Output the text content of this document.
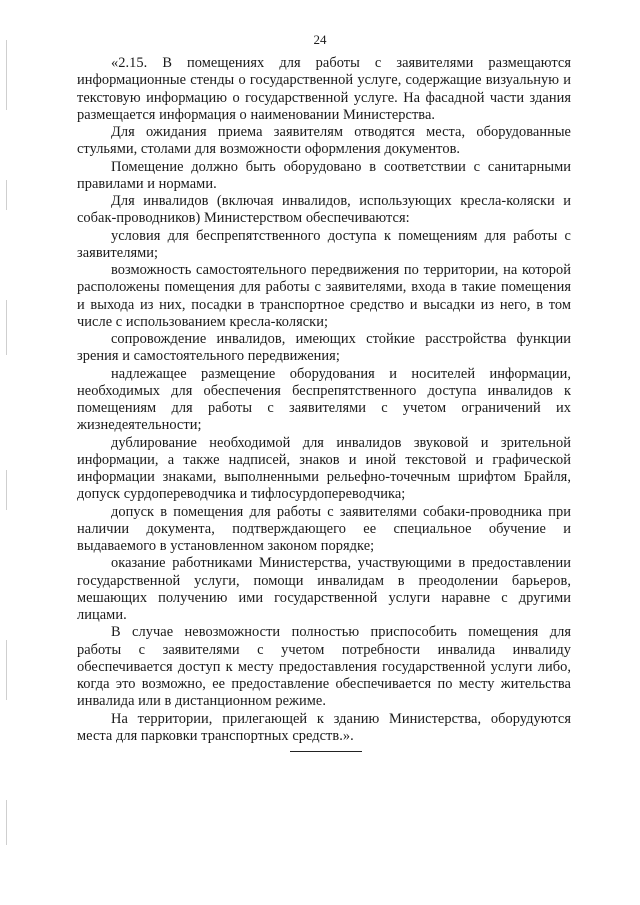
24

«2.15. В помещениях для работы с заявителями размещаются информационные стенды о государственной услуге, содержащие визуальную и текстовую информацию о государственной услуге. На фасадной части здания размещается информация о наименовании Министерства.

Для ожидания приема заявителям отводятся места, оборудованные стульями, столами для возможности оформления документов.

Помещение должно быть оборудовано в соответствии с санитарными правилами и нормами.

Для инвалидов (включая инвалидов, использующих кресла-коляски и собак-проводников) Министерством обеспечиваются:

условия для беспрепятственного доступа к помещениям для работы с заявителями;

возможность самостоятельного передвижения по территории, на которой расположены помещения для работы с заявителями, входа в такие помещения и выхода из них, посадки в транспортное средство и высадки из него, в том числе с использованием кресла-коляски;

сопровождение инвалидов, имеющих стойкие расстройства функции зрения и самостоятельного передвижения;

надлежащее размещение оборудования и носителей информации, необходимых для обеспечения беспрепятственного доступа инвалидов к помещениям для работы с заявителями с учетом ограничений их жизнедеятельности;

дублирование необходимой для инвалидов звуковой и зрительной информации, а также надписей, знаков и иной текстовой и графической информации знаками, выполненными рельефно-точечным шрифтом Брайля, допуск сурдопереводчика и тифлосурдопереводчика;

допуск в помещения для работы с заявителями собаки-проводника при наличии документа, подтверждающего ее специальное обучение и выдаваемого в установленном законом порядке;

оказание работниками Министерства, участвующими в предоставлении государственной услуги, помощи инвалидам в преодолении барьеров, мешающих получению ими государственной услуги наравне с другими лицами.

В случае невозможности полностью приспособить помещения для работы с заявителями с учетом потребности инвалида инвалиду обеспечивается доступ к месту предоставления государственной услуги либо, когда это возможно, ее предоставление обеспечивается по месту жительства инвалида или в дистанционном режиме.

На территории, прилегающей к зданию Министерства, оборудуются места для парковки транспортных средств.».
